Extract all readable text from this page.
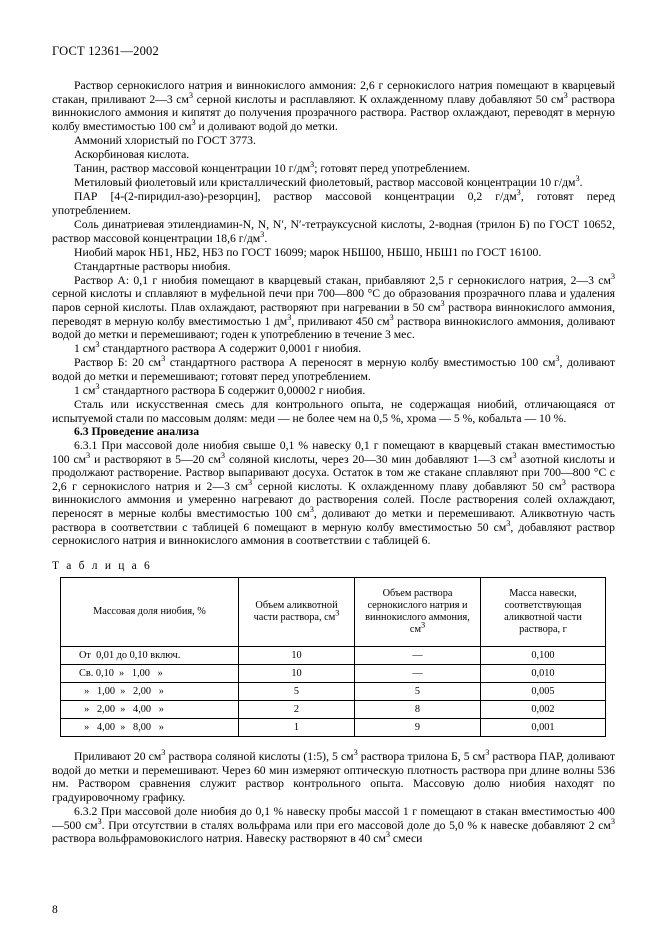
ГОСТ 12361—2002

Раствор сернокислого натрия и виннокислого аммония: 2,6 г сернокислого натрия помещают в кварцевый стакан, приливают 2—3 $см^3$ серной кислоты и расплавляют. К охлажденному плаву добавляют 50 $см^3$ раствора виннокислого аммония и кипятят до получения прозрачного раствора. Раствор охлаждают, переводят в мерную колбу вместимостью 100 $см^3$ и доливают водой до метки.

Аммоний хлористый по ГОСТ 3773.

Аскорбиновая кислота.

Танин, раствор массовой концентрации 10 $г/дм^3$; готовят перед употреблением.

Метиловый фиолетовый или кристаллический фиолетовый, раствор массовой концентрации 10 $г/дм^3$.

ПАР [4-(2-пиридил-азо)-резорцин], раствор массовой концентрации 0,2 $г/дм^3$, готовят перед употреблением.

Соль динатриевая этилендиамин-N, N, N′, N′-тетрауксусной кислоты, 2-водная (трилон Б) по ГОСТ 10652, раствор массовой концентрации 18,6 $г/дм^3$.

Ниобий марок НБ1, НБ2, НБ3 по ГОСТ 16099; марок НБШ00, НБШ0, НБШ1 по ГОСТ 16100.

Стандартные растворы ниобия.

Раствор А: 0,1 г ниобия помещают в кварцевый стакан, прибавляют 2,5 г сернокислого натрия, 2—3 $см^3$ серной кислоты и сплавляют в муфельной печи при 700—800 °С до образования прозрачного плава и удаления паров серной кислоты. Плав охлаждают, растворяют при нагревании в 50 $см^3$ раствора виннокислого аммония, переводят в мерную колбу вместимостью 1 $дм^3$, приливают 450 $см^3$ раствора виннокислого аммония, доливают водой до метки и перемешивают; годен к употреблению в течение 3 мес.

1 $см^3$ стандартного раствора А содержит 0,0001 г ниобия.

Раствор Б: 20 $см^3$ стандартного раствора А переносят в мерную колбу вместимостью 100 $см^3$, доливают водой до метки и перемешивают; готовят перед употреблением.

1 $см^3$ стандартного раствора Б содержит 0,00002 г ниобия.

Сталь или искусственная смесь для контрольного опыта, не содержащая ниобий, отличающаяся от испытуемой стали по массовым долям: меди — не более чем на 0,5 %, хрома — 5 %, кобальта — 10 %.

6.3 Проведение анализа

6.3.1 При массовой доле ниобия свыше 0,1 % навеску 0,1 г помещают в кварцевый стакан вместимостью 100 $см^3$ и растворяют в 5—20 $см^3$ соляной кислоты, через 20—30 мин добавляют 1—3 $см^3$ азотной кислоты и продолжают растворение. Раствор выпаривают досуха. Остаток в том же стакане сплавляют при 700—800 °С с 2,6 г сернокислого натрия и 2—3 $см^3$ серной кислоты. К охлажденному плаву добавляют 50 $см^3$ раствора виннокислого аммония и умеренно нагревают до растворения солей. После растворения солей охлаждают, переносят в мерные колбы вместимостью 100 $см^3$, доливают до метки и перемешивают. Аликвотную часть раствора в соответствии с таблицей 6 помещают в мерную колбу вместимостью 50 $см^3$, добавляют раствор сернокислого натрия и виннокислого аммония в соответствии с таблицей 6.

Т а б л и ц а 6
Массовая доля ниобия, %	Объем аликвотной части раствора, $см^3$	Объем раствора сернокислого натрия и виннокислого аммония, $см^3$	Масса навески, соответствующая аликвотной части раствора, г
От  0,01 до 0,10 включ.	10	—	0,100
Св. 0,10  »   1,00   »	10	—	0,010
»   1,00  »   2,00   »	5	5	0,005
»   2,00  »   4,00   »	2	8	0,002
»   4,00  »   8,00   »	1	9	0,001

Приливают 20 $см^3$ раствора соляной кислоты (1:5), 5 $см^3$ раствора трилона Б, 5 $см^3$ раствора ПАР, доливают водой до метки и перемешивают. Через 60 мин измеряют оптическую плотность раствора при длине волны 536 нм. Раствором сравнения служит раствор контрольного опыта. Массовую долю ниобия находят по градуировочному графику.

6.3.2 При массовой доле ниобия до 0,1 % навеску пробы массой 1 г помещают в стакан вместимостью 400—500 $см^3$. При отсутствии в сталях вольфрама или при его массовой доле до 5,0 % к навеске добавляют 2 $см^3$ раствора вольфрамовокислого натрия. Навеску растворяют в 40 $см^3$ смеси

8
